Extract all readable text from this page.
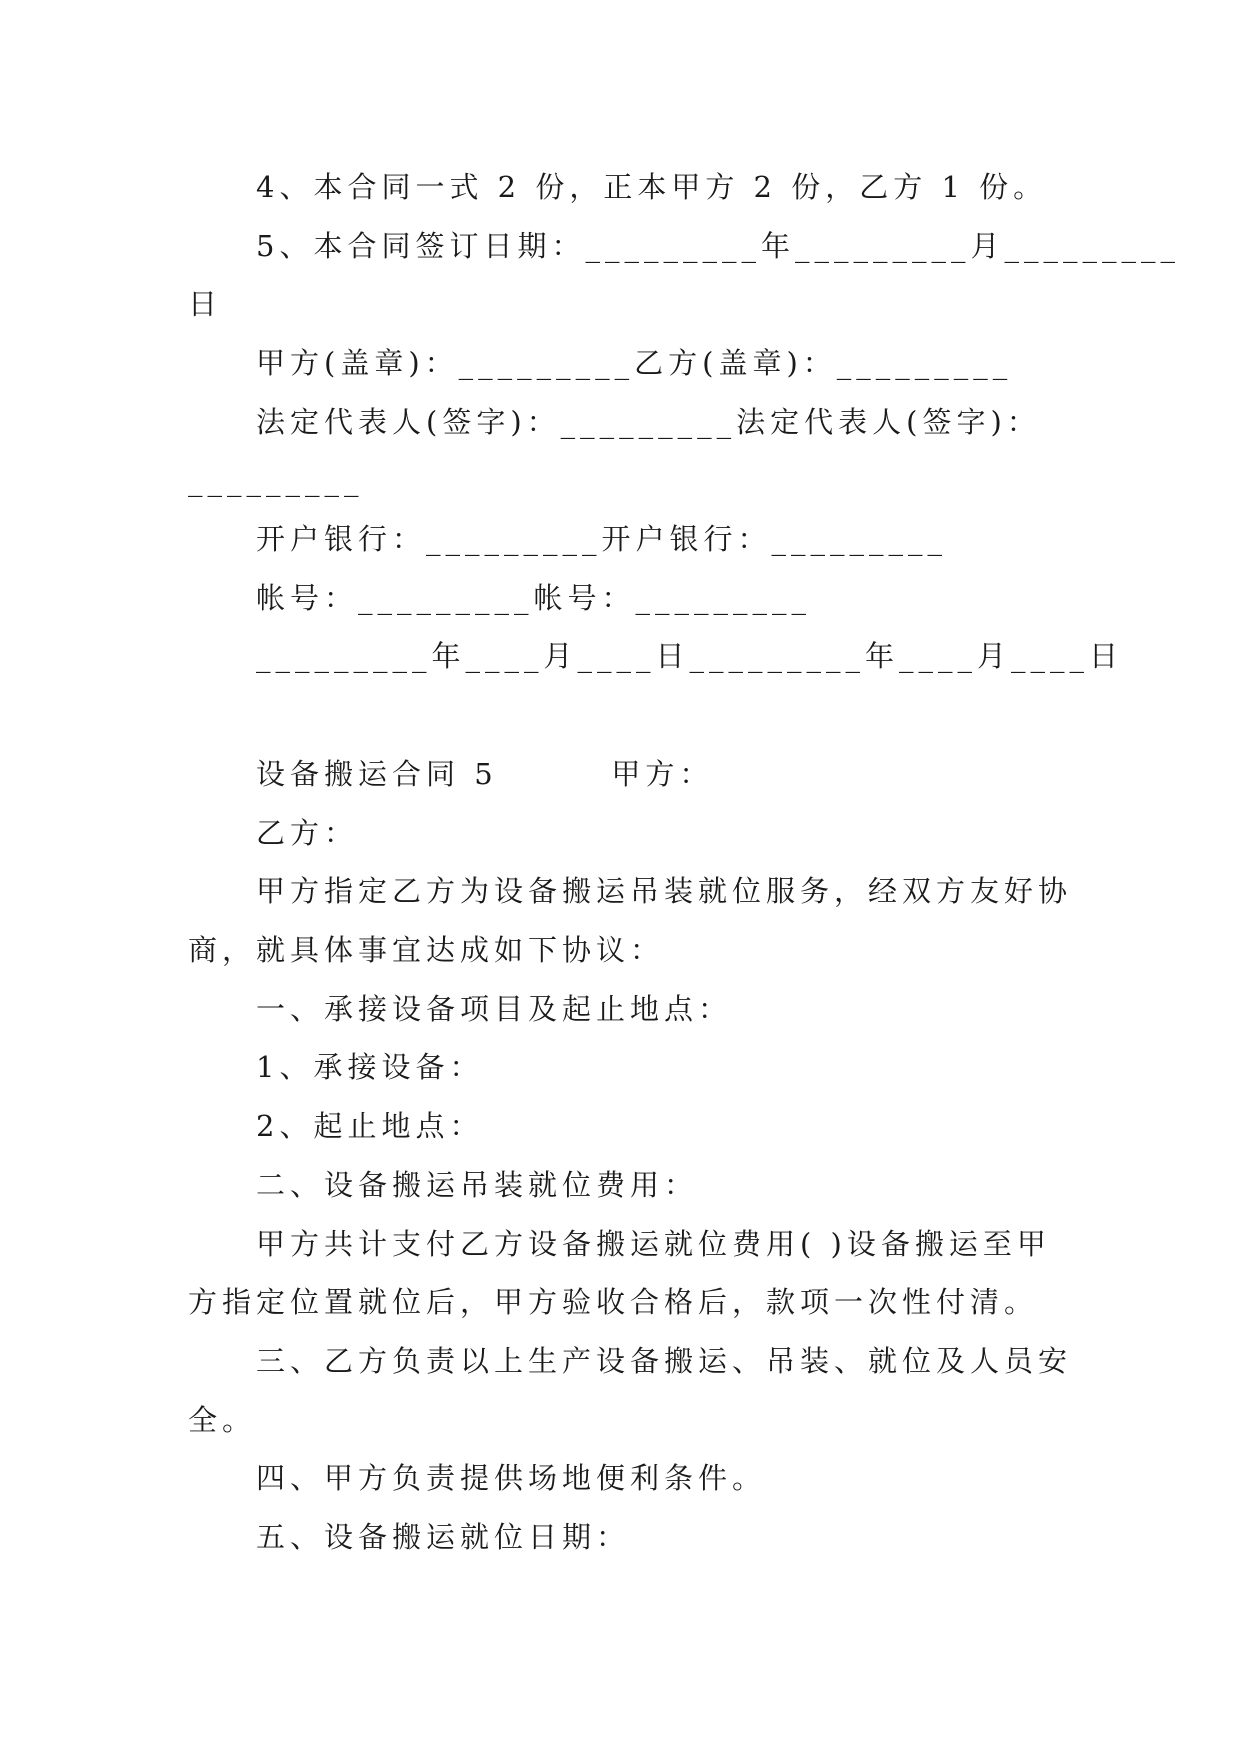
4、本合同一式 2 份，正本甲方 2 份，乙方 1 份。
5、本合同签订日期：_________年_________月_________
日
甲方(盖章)：_________乙方(盖章)：_________
法定代表人(签字)：_________法定代表人(签字)：
_________
开户银行：_________开户银行：_________
帐号：_________帐号：_________
_________年____月____日_________年____月____日
设备搬运合同 5        甲方：
乙方：
甲方指定乙方为设备搬运吊装就位服务，经双方友好协
商，就具体事宜达成如下协议：
一、承接设备项目及起止地点：
1、承接设备：
2、起止地点：
二、设备搬运吊装就位费用：
甲方共计支付乙方设备搬运就位费用( )设备搬运至甲
方指定位置就位后，甲方验收合格后，款项一次性付清。
三、乙方负责以上生产设备搬运、吊装、就位及人员安
全。
四、甲方负责提供场地便利条件。
五、设备搬运就位日期：
